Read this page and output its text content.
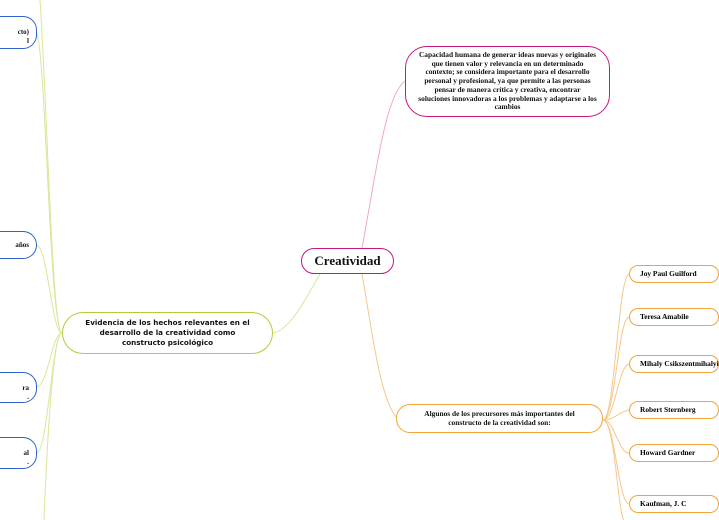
Creatividad
Capacidad humana de generar ideas nuevas y originales que tienen valor y relevancia en un determinado contexto; se considera importante para el desarrollo personal y profesional, ya que permite a las personas pensar de manera crítica y creativa, encontrar soluciones innovadoras a los problemas y adaptarse a los cambios
Evidencia de los hechos relevantes en el desarrollo de la creatividad como constructo psicológico
Algunos de los precursores más importantes del constructo de la creatividad son:
Joy Paul Guilford
Teresa Amabile
Mihaly Csikszentmihalyi
Robert Sternberg
Howard Gardner
Kaufman, J. C

cto)
l

años

ra
.

al
.
